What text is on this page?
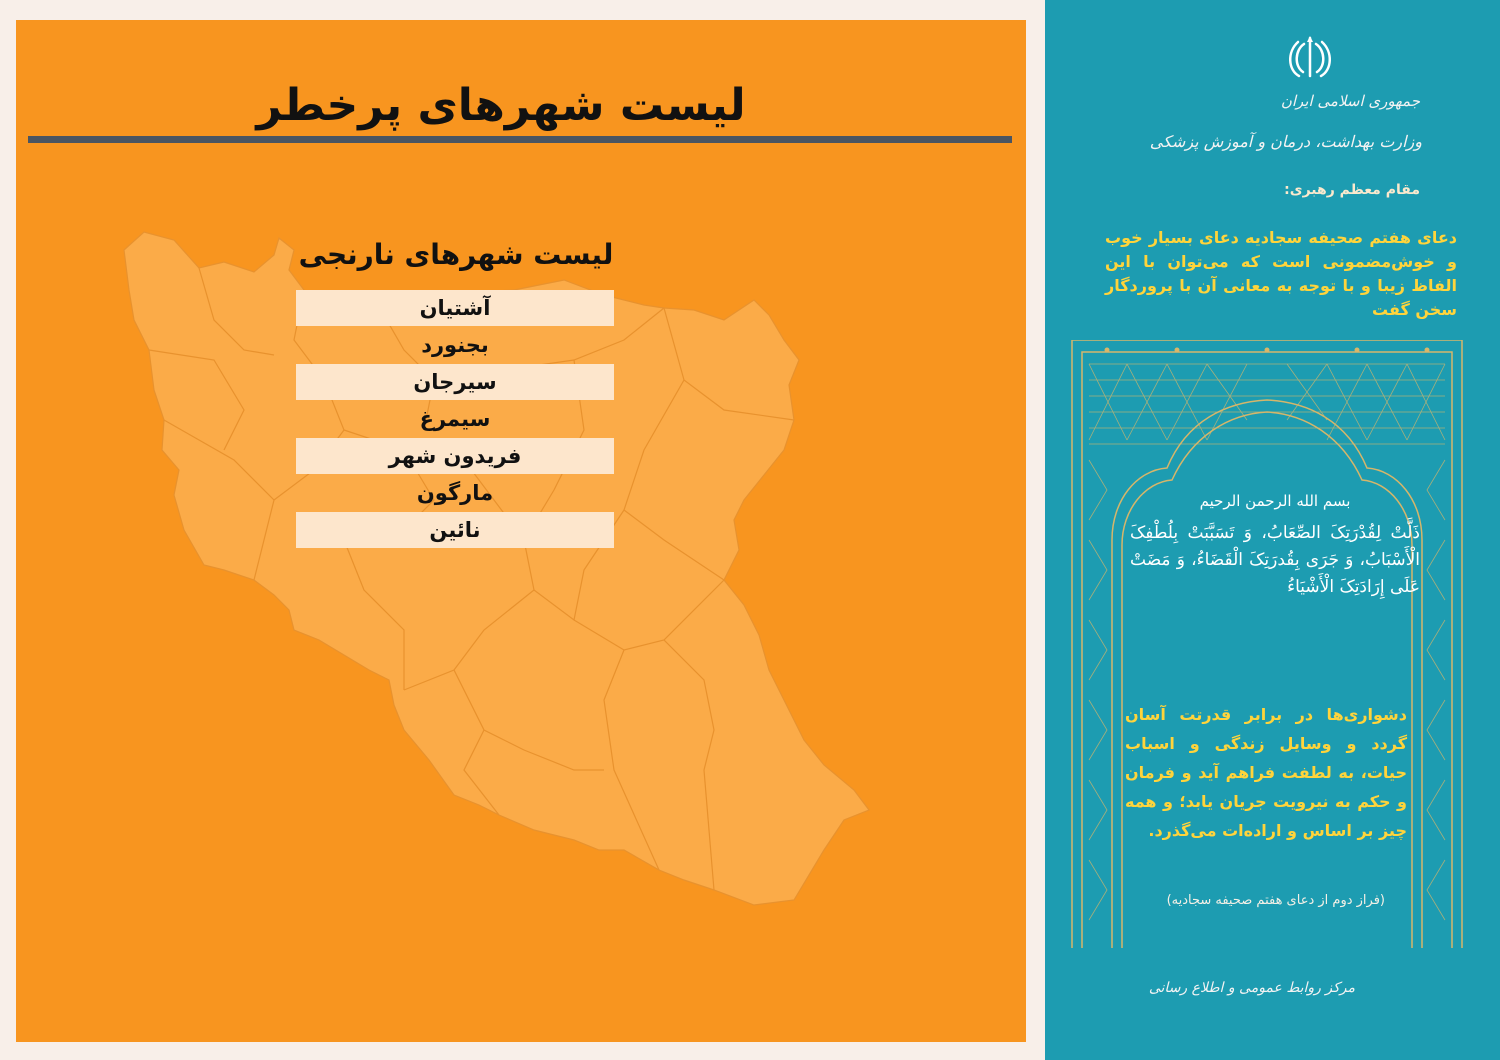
لیست شهرهای پرخطر
لیست شهرهای نارنجی
آشتیان
بجنورد
سیرجان
سیمرغ
فریدون شهر
مارگون
نائین
جمهوری اسلامی ایران
وزارت بهداشت، درمان و آموزش پزشکی
مقام معظم رهبری:
دعای هفتم صحیفه سجادیه دعای بسیار خوب و خوش‌مضمونی است که می‌توان با این الفاظ زیبا و با توجه به معانی آن با پروردگار سخن گفت
بسم الله الرحمن الرحیم
ذَلَّتْ لِقُدْرَتِکَ الصِّعَابُ، وَ تَسَبَّبَتْ بِلُطْفِکَ الْأَسْبَابُ، وَ جَرَى بِقُدرَتِکَ الْقَضَاءُ، وَ مَضَتْ عَلَى إِرَادَتِکَ الْأَشْيَاءُ
دشواری‌ها در برابر قدرتت آسان گردد و وسایل زندگی و اسباب حیات، به لطفت فراهم آید و فرمان و حکم به نیرویت جریان یابد؛ و همه چیز بر اساس و اراده‌ات می‌گذرد.
(فراز دوم از دعای هفتم صحیفه سجادیه)
مرکز روابط عمومی و اطلاع رسانی
